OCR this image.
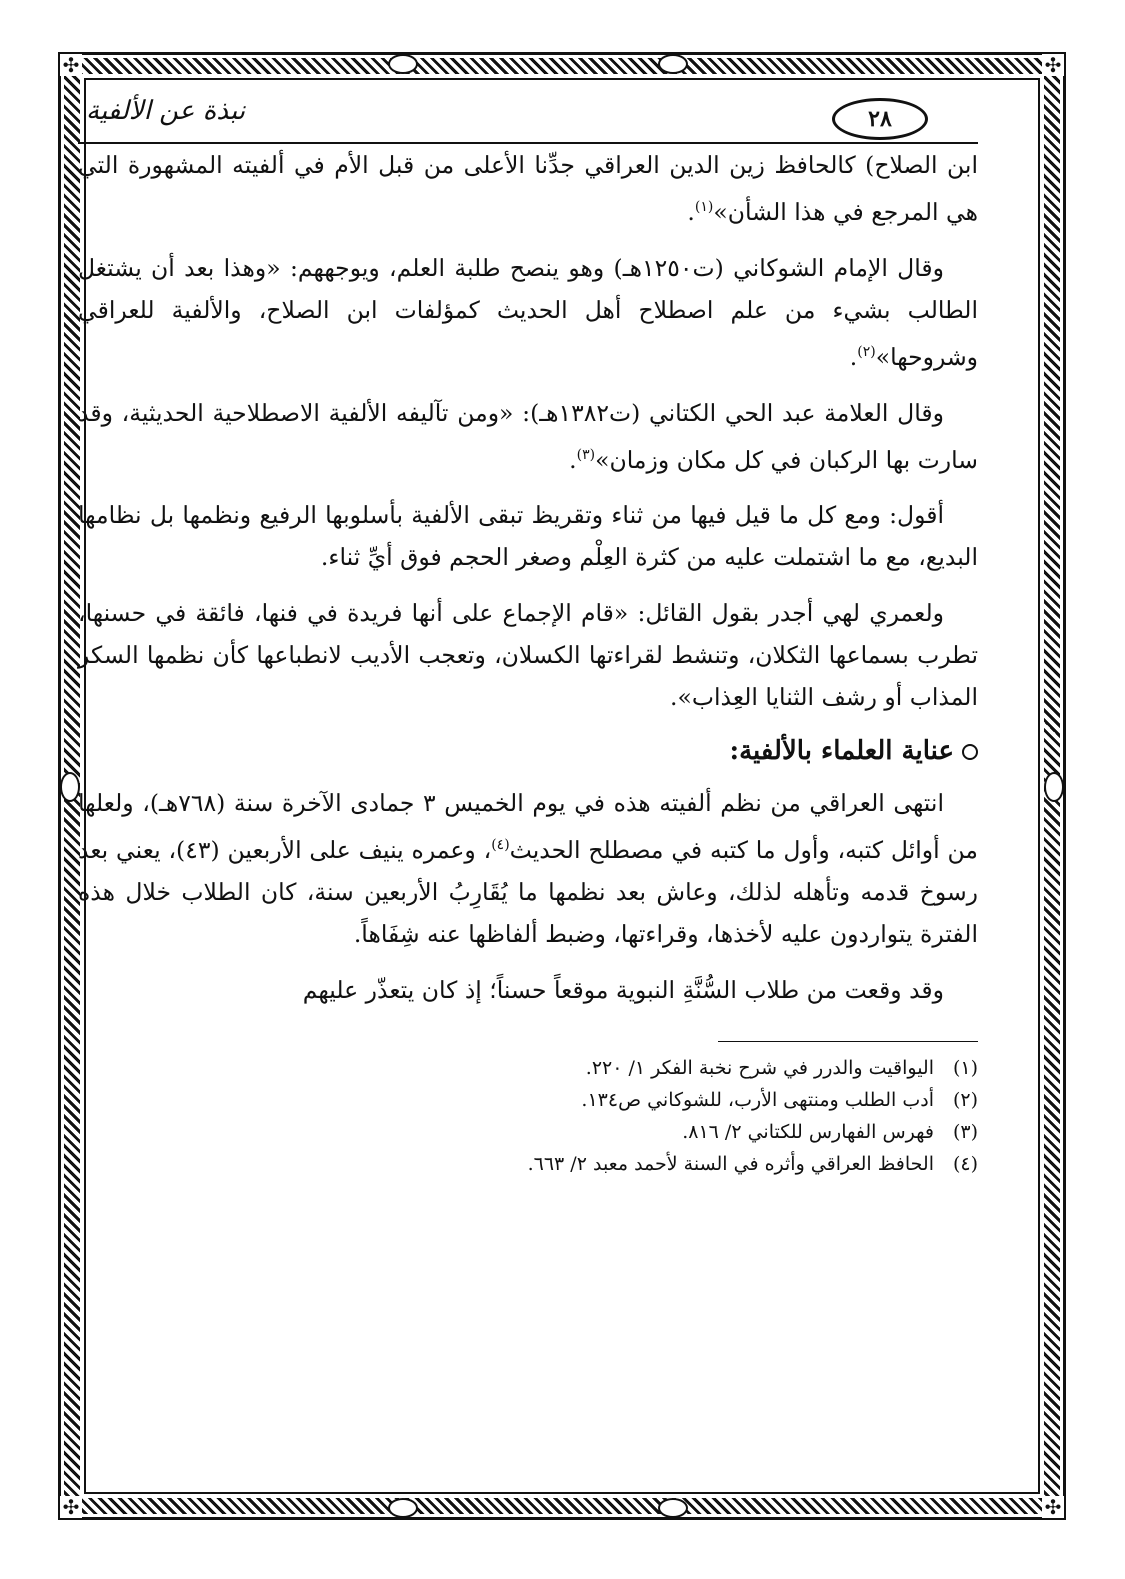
✣	✣
✣	✣
٢٨
نبذة عن الألفية

ابن الصلاح) كالحافظ زين الدين العراقي جدِّنا الأعلى من قبل الأم في ألفيته المشهورة التي هي المرجع في هذا الشأن»$^{(١)}$.

وقال الإمام الشوكاني (ت١٢٥٠هـ) وهو ينصح طلبة العلم، ويوجههم: «وهذا بعد أن يشتغل الطالب بشيء من علم اصطلاح أهل الحديث كمؤلفات ابن الصلاح، والألفية للعراقي وشروحها»$^{(٢)}$.

وقال العلامة عبد الحي الكتاني (ت١٣٨٢هـ): «ومن تآليفه الألفية الاصطلاحية الحديثية، وقد سارت بها الركبان في كل مكان وزمان»$^{(٣)}$.

أقول: ومع كل ما قيل فيها من ثناء وتقريظ تبقى الألفية بأسلوبها الرفيع ونظمها بل نظامها البديع، مع ما اشتملت عليه من كثرة العِلْم وصغر الحجم فوق أيِّ ثناء.

ولعمري لهي أجدر بقول القائل: «قام الإجماع على أنها فريدة في فنها، فائقة في حسنها، تطرب بسماعها الثكلان، وتنشط لقراءتها الكسلان، وتعجب الأديب لانطباعها كأن نظمها السكر المذاب أو رشف الثنايا العِذاب».

عناية العلماء بالألفية:

انتهى العراقي من نظم ألفيته هذه في يوم الخميس ٣ جمادى الآخرة سنة (٧٦٨هـ)، ولعلها من أوائل كتبه، وأول ما كتبه في مصطلح الحديث$^{(٤)}$، وعمره ينيف على الأربعين (٤٣)، يعني بعد رسوخ قدمه وتأهله لذلك، وعاش بعد نظمها ما يُقَارِبُ الأربعين سنة، كان الطلاب خلال هذه الفترة يتواردون عليه لأخذها، وقراءتها، وضبط ألفاظها عنه شِفَاهاً.

وقد وقعت من طلاب السُّنَّةِ النبوية موقعاً حسناً؛ إذ كان يتعذّر عليهم

(١)اليواقيت والدرر في شرح نخبة الفكر ١/ ٢٢٠.

(٢)أدب الطلب ومنتهى الأرب، للشوكاني ص١٣٤.

(٣)فهرس الفهارس للكتاني ٢/ ٨١٦.

(٤)الحافظ العراقي وأثره في السنة لأحمد معبد ٢/ ٦٦٣.
